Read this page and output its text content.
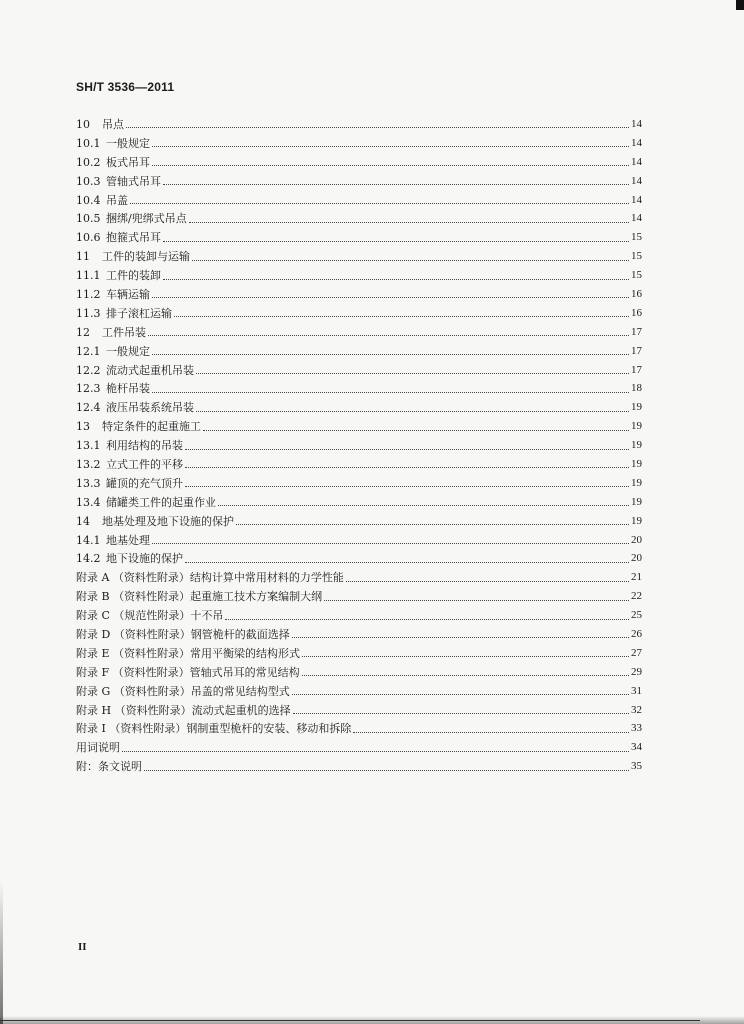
SH/T 3536—2011
10	吊点	14
10.1 一般规定	14
10.2 板式吊耳	14
10.3 管轴式吊耳	14
10.4 吊盖	14
10.5 捆绑/兜绑式吊点	14
10.6 抱箍式吊耳	15
11	工件的装卸与运输	15
11.1 工件的装卸	15
11.2 车辆运输	16
11.3 排子滚杠运输	16
12	工件吊装	17
12.1 一般规定	17
12.2 流动式起重机吊装	17
12.3 桅杆吊装	18
12.4 液压吊装系统吊装	19
13	特定条件的起重施工	19
13.1 利用结构的吊装	19
13.2 立式工件的平移	19
13.3 罐顶的充气顶升	19
13.4 储罐类工件的起重作业	19
14	地基处理及地下设施的保护	19
14.1 地基处理	20
14.2 地下设施的保护	20
附录 A （资料性附录）结构计算中常用材料的力学性能	21
附录 B （资料性附录）起重施工技术方案编制大纲	22
附录 C （规范性附录）十不吊	25
附录 D （资料性附录）钢管桅杆的截面选择	26
附录 E （资料性附录）常用平衡梁的结构形式	27
附录 F （资料性附录）管轴式吊耳的常见结构	29
附录 G （资料性附录）吊盖的常见结构型式	31
附录 H （资料性附录）流动式起重机的选择	32
附录 I （资料性附录）钢制重型桅杆的安装、移动和拆除	33
用词说明	34
附：条文说明	35
II
